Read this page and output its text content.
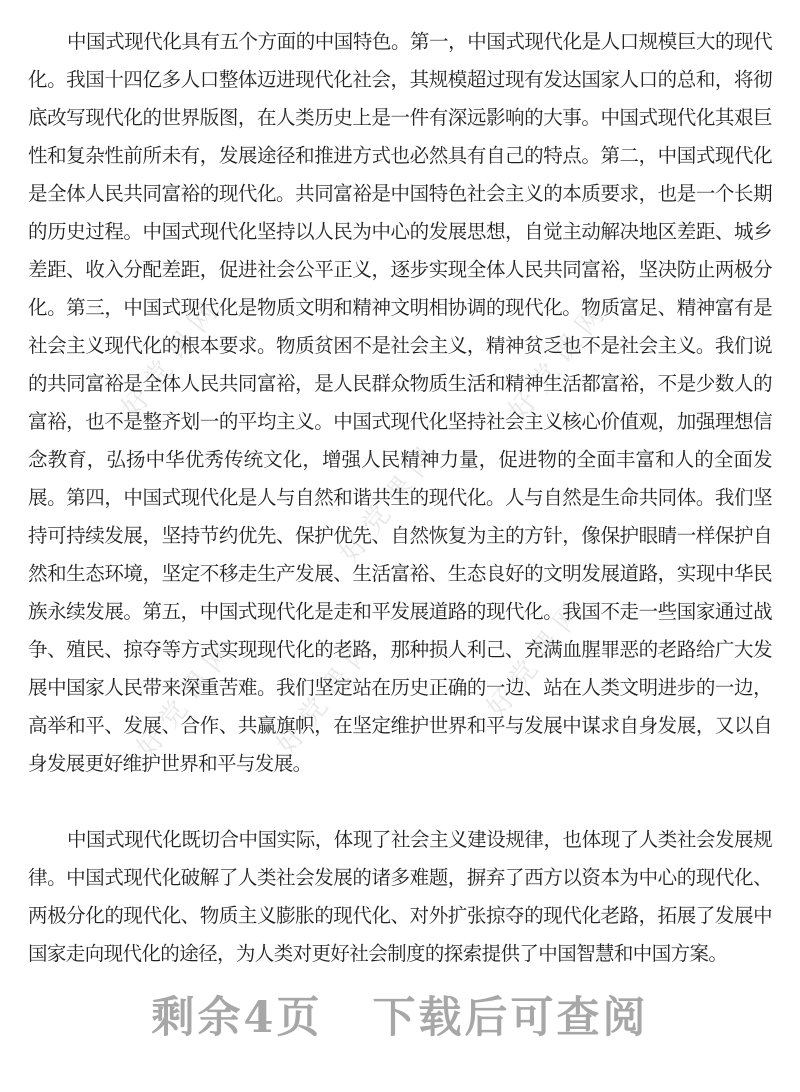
好党课网	好党课网
好党课网
好党课网
好党课网 好党课网

中国式现代化具有五个方面的中国特色。第一，中国式现代化是人口规模巨大的现代化。我国十四亿多人口整体迈进现代化社会，其规模超过现有发达国家人口的总和，将彻底改写现代化的世界版图，在人类历史上是一件有深远影响的大事。中国式现代化其艰巨性和复杂性前所未有，发展途径和推进方式也必然具有自己的特点。第二，中国式现代化是全体人民共同富裕的现代化。共同富裕是中国特色社会主义的本质要求，也是一个长期的历史过程。中国式现代化坚持以人民为中心的发展思想，自觉主动解决地区差距、城乡差距、收入分配差距，促进社会公平正义，逐步实现全体人民共同富裕，坚决防止两极分化。第三，中国式现代化是物质文明和精神文明相协调的现代化。物质富足、精神富有是社会主义现代化的根本要求。物质贫困不是社会主义，精神贫乏也不是社会主义。我们说的共同富裕是全体人民共同富裕，是人民群众物质生活和精神生活都富裕，不是少数人的富裕，也不是整齐划一的平均主义。中国式现代化坚持社会主义核心价值观，加强理想信念教育，弘扬中华优秀传统文化，增强人民精神力量，促进物的全面丰富和人的全面发展。第四，中国式现代化是人与自然和谐共生的现代化。人与自然是生命共同体。我们坚持可持续发展，坚持节约优先、保护优先、自然恢复为主的方针，像保护眼睛一样保护自然和生态环境，坚定不移走生产发展、生活富裕、生态良好的文明发展道路，实现中华民族永续发展。第五，中国式现代化是走和平发展道路的现代化。我国不走一些国家通过战争、殖民、掠夺等方式实现现代化的老路，那种损人利己、充满血腥罪恶的老路给广大发展中国家人民带来深重苦难。我们坚定站在历史正确的一边、站在人类文明进步的一边，高举和平、发展、合作、共赢旗帜，在坚定维护世界和平与发展中谋求自身发展，又以自身发展更好维护世界和平与发展。

中国式现代化既切合中国实际，体现了社会主义建设规律，也体现了人类社会发展规律。中国式现代化破解了人类社会发展的诸多难题，摒弃了西方以资本为中心的现代化、两极分化的现代化、物质主义膨胀的现代化、对外扩张掠夺的现代化老路，拓展了发展中国家走向现代化的途径，为人类对更好社会制度的探索提供了中国智慧和中国方案。

剩余4页 下载后可查阅
